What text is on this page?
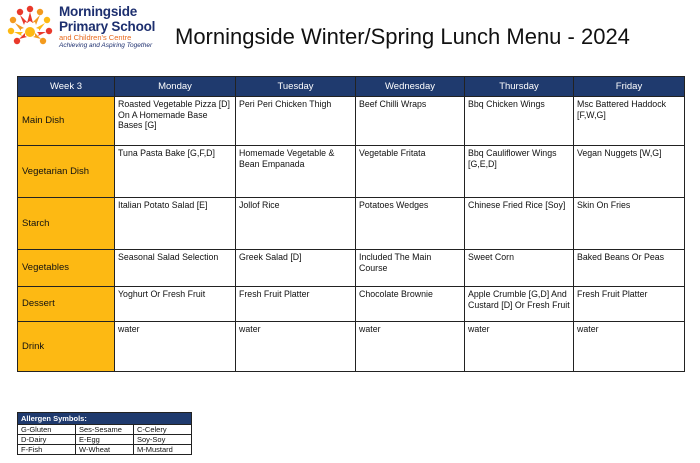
Morningside
Primary School
and Children's Centre
Achieving and Aspiring Together Morningside Winter/Spring Lunch Menu - 2024
Week 3	Monday	Tuesday	Wednesday	Thursday	Friday
Main Dish	Roasted Vegetable Pizza [D] On A Homemade Base Bases [G]	Peri Peri Chicken Thigh	Beef Chilli Wraps	Bbq Chicken Wings	Msc Battered Haddock [F,W,G]
Vegetarian Dish	Tuna Pasta Bake [G,F,D]	Homemade Vegetable & Bean Empanada	Vegetable Fritata	Bbq Cauliflower Wings [G,E,D]	Vegan Nuggets [W,G]
Starch	Italian Potato Salad [E]	Jollof Rice	Potatoes Wedges	Chinese Fried Rice [Soy]	Skin On Fries
Vegetables	Seasonal Salad Selection	Greek Salad [D]	Included The Main Course	Sweet Corn	Baked Beans Or Peas
Dessert	Yoghurt Or Fresh Fruit	Fresh Fruit Platter	Chocolate Brownie	Apple Crumble [G,D] And Custard [D] Or Fresh Fruit	Fresh Fruit Platter
Drink	water	water	water	water	water
Allergen Symbols:		
G-Gluten	Ses-Sesame	C-Celery
D-Dairy	E-Egg	Soy-Soy
F-Fish	W-Wheat	M-Mustard
